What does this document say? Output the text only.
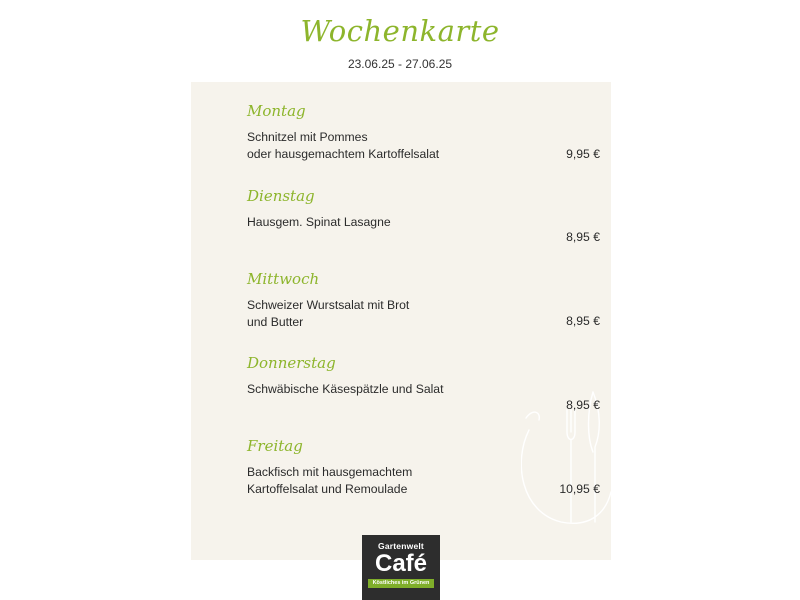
Wochenkarte
23.06.25 - 27.06.25
Montag
Schnitzel mit Pommes
oder hausgemachtem Kartoffelsalat	9,95 €
Dienstag
Hausgem. Spinat Lasagne
8,95 €
Mittwoch
Schweizer Wurstsalat mit Brot
und Butter	8,95 €
Donnerstag
Schwäbische Käsespätzle und Salat
8,95 €
Freitag
Backfisch mit hausgemachtem
Kartoffelsalat und Remoulade	10,95 €
Gartenwelt
Café
Köstliches im Grünen
